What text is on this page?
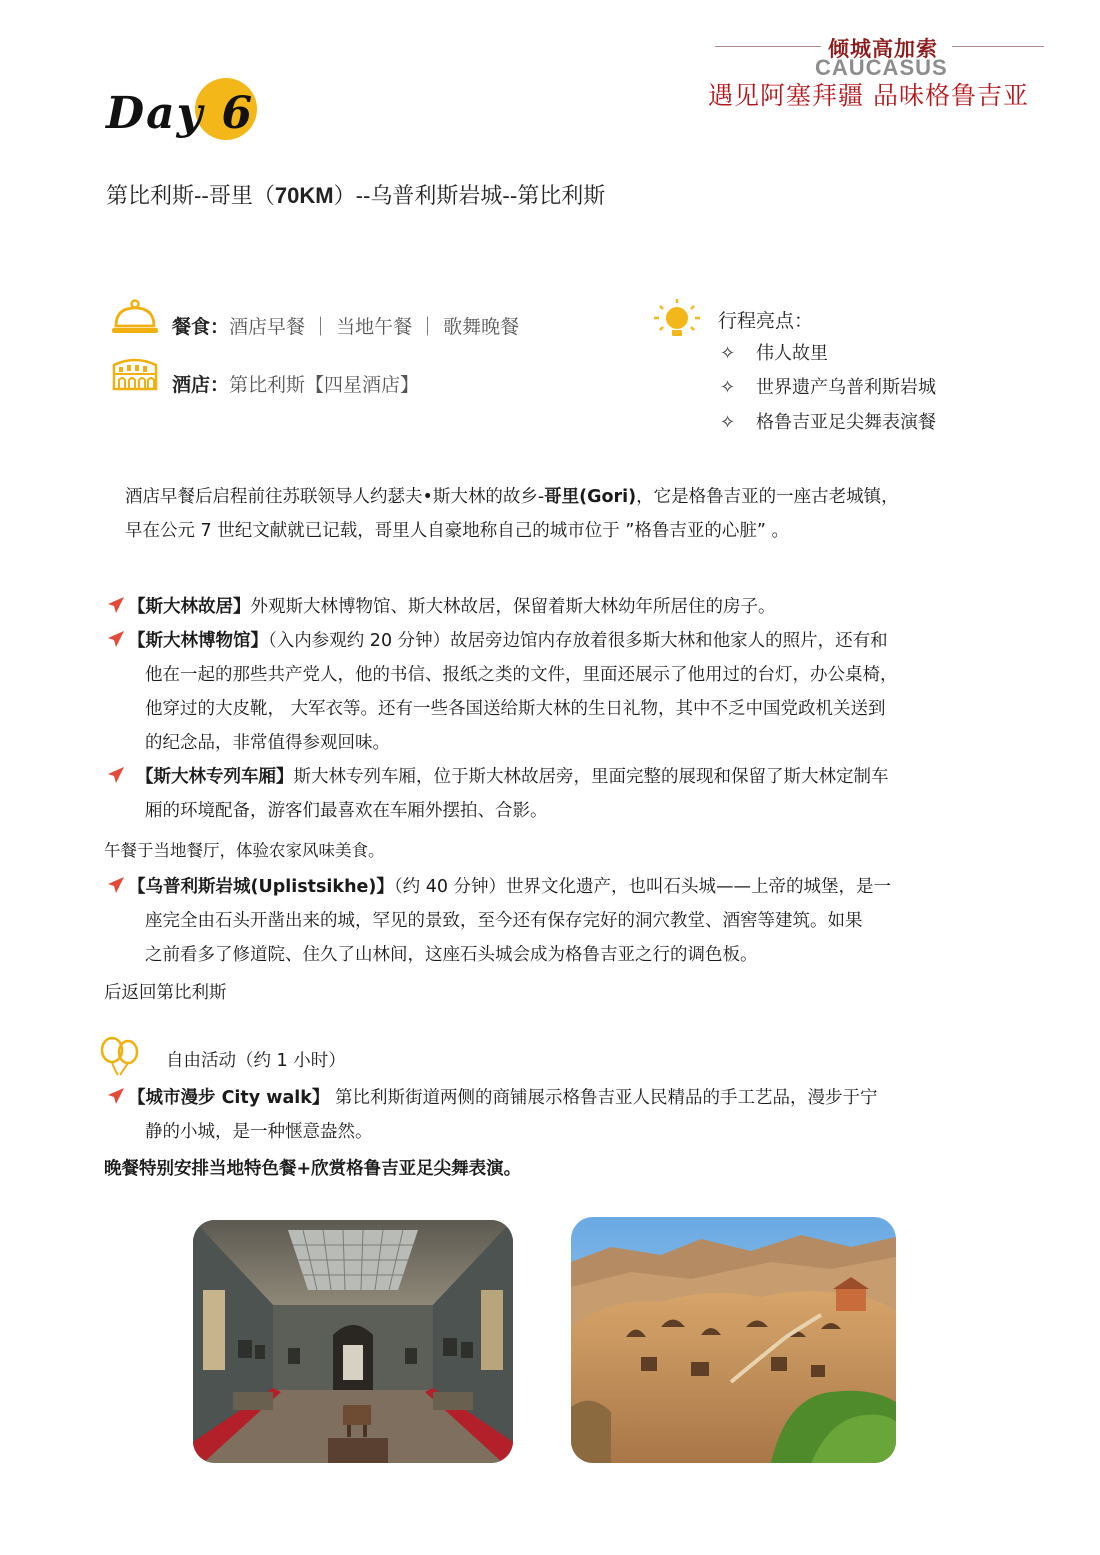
倾城高加索
CAUCASUS
遇见阿塞拜疆 品味格鲁吉亚
Day 6
第比利斯--哥里（70KM）--乌普利斯岩城--第比利斯
餐食：酒店早餐 ｜ 当地午餐 ｜ 歌舞晚餐
酒店：第比利斯【四星酒店】
行程亮点：
✧ 伟人故里
✧ 世界遗产乌普利斯岩城
✧ 格鲁吉亚足尖舞表演餐
酒店早餐后启程前往苏联领导人约瑟夫•斯大林的故乡-哥里(Gori)，它是格鲁吉亚的一座古老城镇，
早在公元 7 世纪文献就已记载，哥里人自豪地称自己的城市位于 ”格鲁吉亚的心脏” 。
【斯大林故居】外观斯大林博物馆、斯大林故居，保留着斯大林幼年所居住的房子。
【斯大林博物馆】（入内参观约 20 分钟）故居旁边馆内存放着很多斯大林和他家人的照片，还有和
他在一起的那些共产党人，他的书信、报纸之类的文件，里面还展示了他用过的台灯，办公桌椅，
他穿过的大皮靴， 大军衣等。还有一些各国送给斯大林的生日礼物，其中不乏中国党政机关送到
的纪念品，非常值得参观回味。
【斯大林专列车厢】斯大林专列车厢，位于斯大林故居旁，里面完整的展现和保留了斯大林定制车
厢的环境配备，游客们最喜欢在车厢外摆拍、合影。
午餐于当地餐厅，体验农家风味美食。
【乌普利斯岩城(Uplistsikhe)】（约 40 分钟）世界文化遗产，也叫石头城——上帝的城堡，是一
座完全由石头开凿出来的城，罕见的景致，至今还有保存完好的洞穴教堂、酒窖等建筑。如果
之前看多了修道院、住久了山林间，这座石头城会成为格鲁吉亚之行的调色板。
后返回第比利斯
自由活动（约 1 小时）
【城市漫步 City walk】 第比利斯街道两侧的商铺展示格鲁吉亚人民精品的手工艺品，漫步于宁
静的小城，是一种惬意盎然。
晚餐特别安排当地特色餐+欣赏格鲁吉亚足尖舞表演。
